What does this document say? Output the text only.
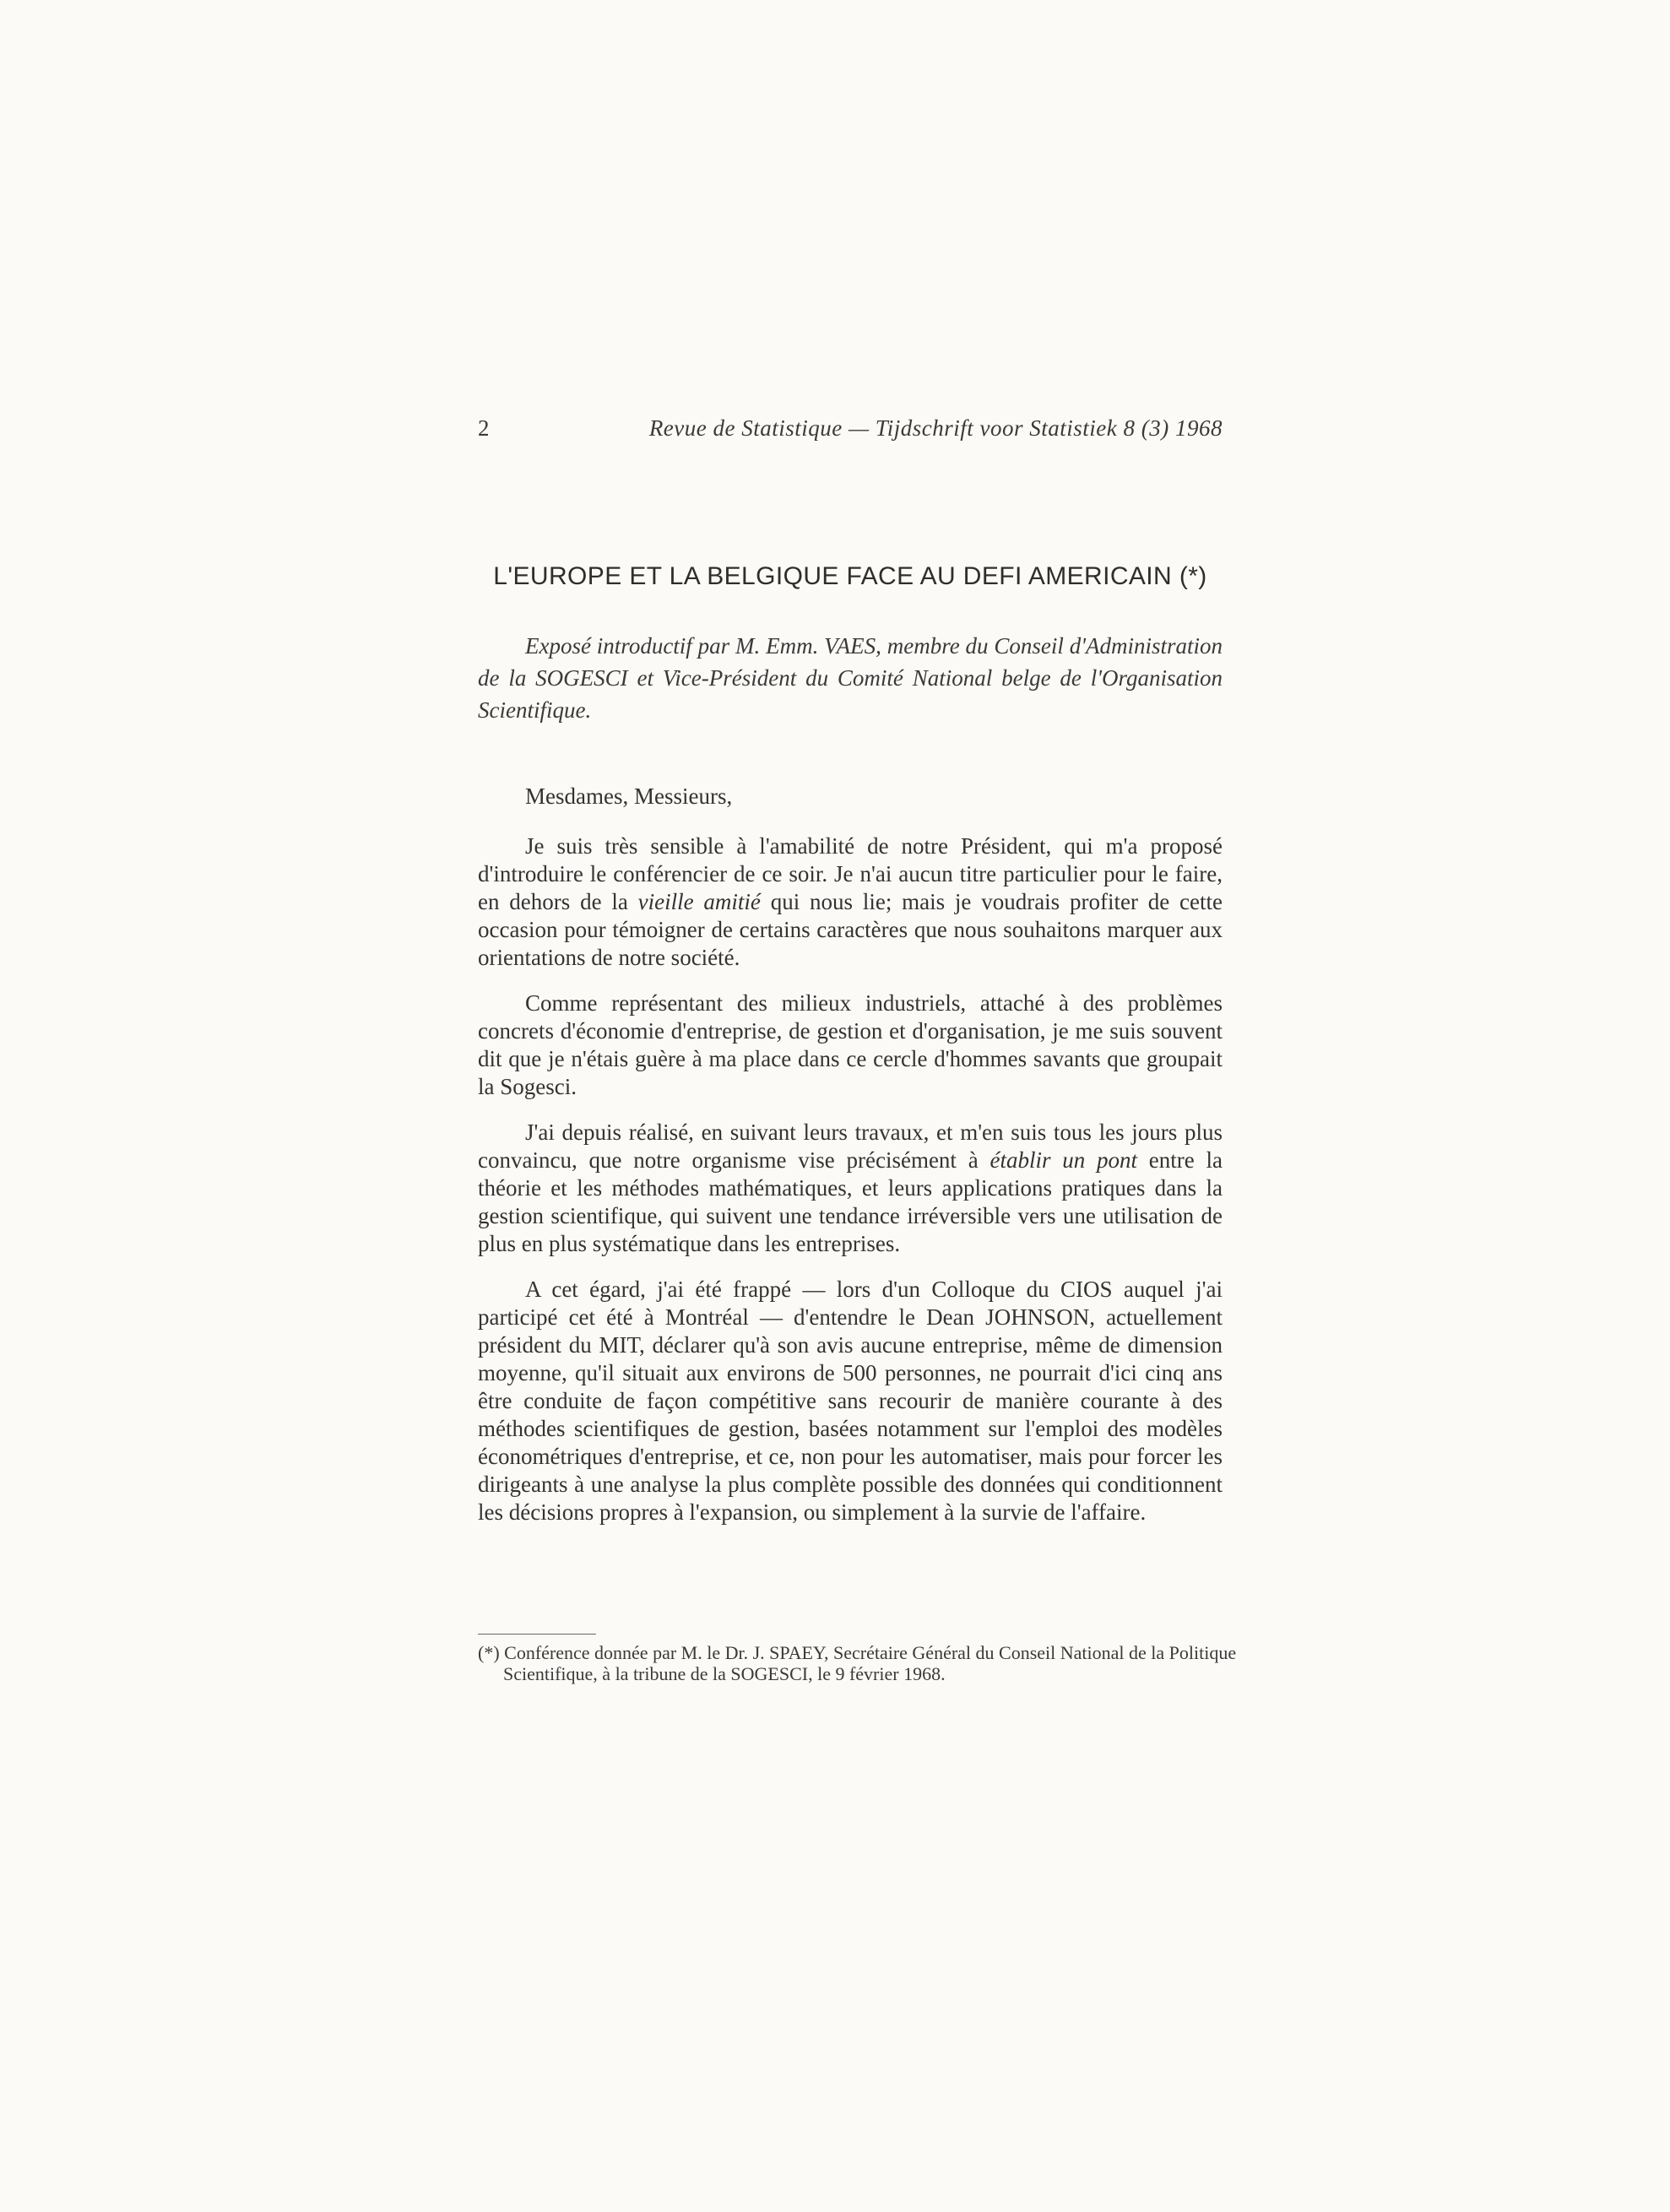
2	Revue de Statistique — Tijdschrift voor Statistiek 8 (3) 1968
L'EUROPE ET LA BELGIQUE FACE AU DEFI AMERICAIN (*)

Exposé introductif par M. Emm. VAES, membre du Conseil d'Administration de la SOGESCI et Vice-Président du Comité National belge de l'Organisation Scientifique.

Mesdames, Messieurs,

Je suis très sensible à l'amabilité de notre Président, qui m'a proposé d'introduire le conférencier de ce soir. Je n'ai aucun titre particulier pour le faire, en dehors de la vieille amitié qui nous lie; mais je voudrais profiter de cette occasion pour témoigner de certains caractères que nous souhaitons marquer aux orientations de notre société.

Comme représentant des milieux industriels, attaché à des problèmes concrets d'économie d'entreprise, de gestion et d'organisation, je me suis souvent dit que je n'étais guère à ma place dans ce cercle d'hommes savants que groupait la Sogesci.

J'ai depuis réalisé, en suivant leurs travaux, et m'en suis tous les jours plus convaincu, que notre organisme vise précisément à établir un pont entre la théorie et les méthodes mathématiques, et leurs applications pratiques dans la gestion scientifique, qui suivent une tendance irréversible vers une utilisation de plus en plus systématique dans les entreprises.

A cet égard, j'ai été frappé — lors d'un Colloque du CIOS auquel j'ai participé cet été à Montréal — d'entendre le Dean JOHNSON, actuellement président du MIT, déclarer qu'à son avis aucune entreprise, même de dimension moyenne, qu'il situait aux environs de 500 personnes, ne pourrait d'ici cinq ans être conduite de façon compétitive sans recourir de manière courante à des méthodes scientifiques de gestion, basées notamment sur l'emploi des modèles économétriques d'entreprise, et ce, non pour les automatiser, mais pour forcer les dirigeants à une analyse la plus complète possible des données qui conditionnent les décisions propres à l'expansion, ou simplement à la survie de l'affaire.

(*) Conférence donnée par M. le Dr. J. SPAEY, Secrétaire Général du Conseil National de la Politique Scientifique, à la tribune de la SOGESCI, le 9 février 1968.
